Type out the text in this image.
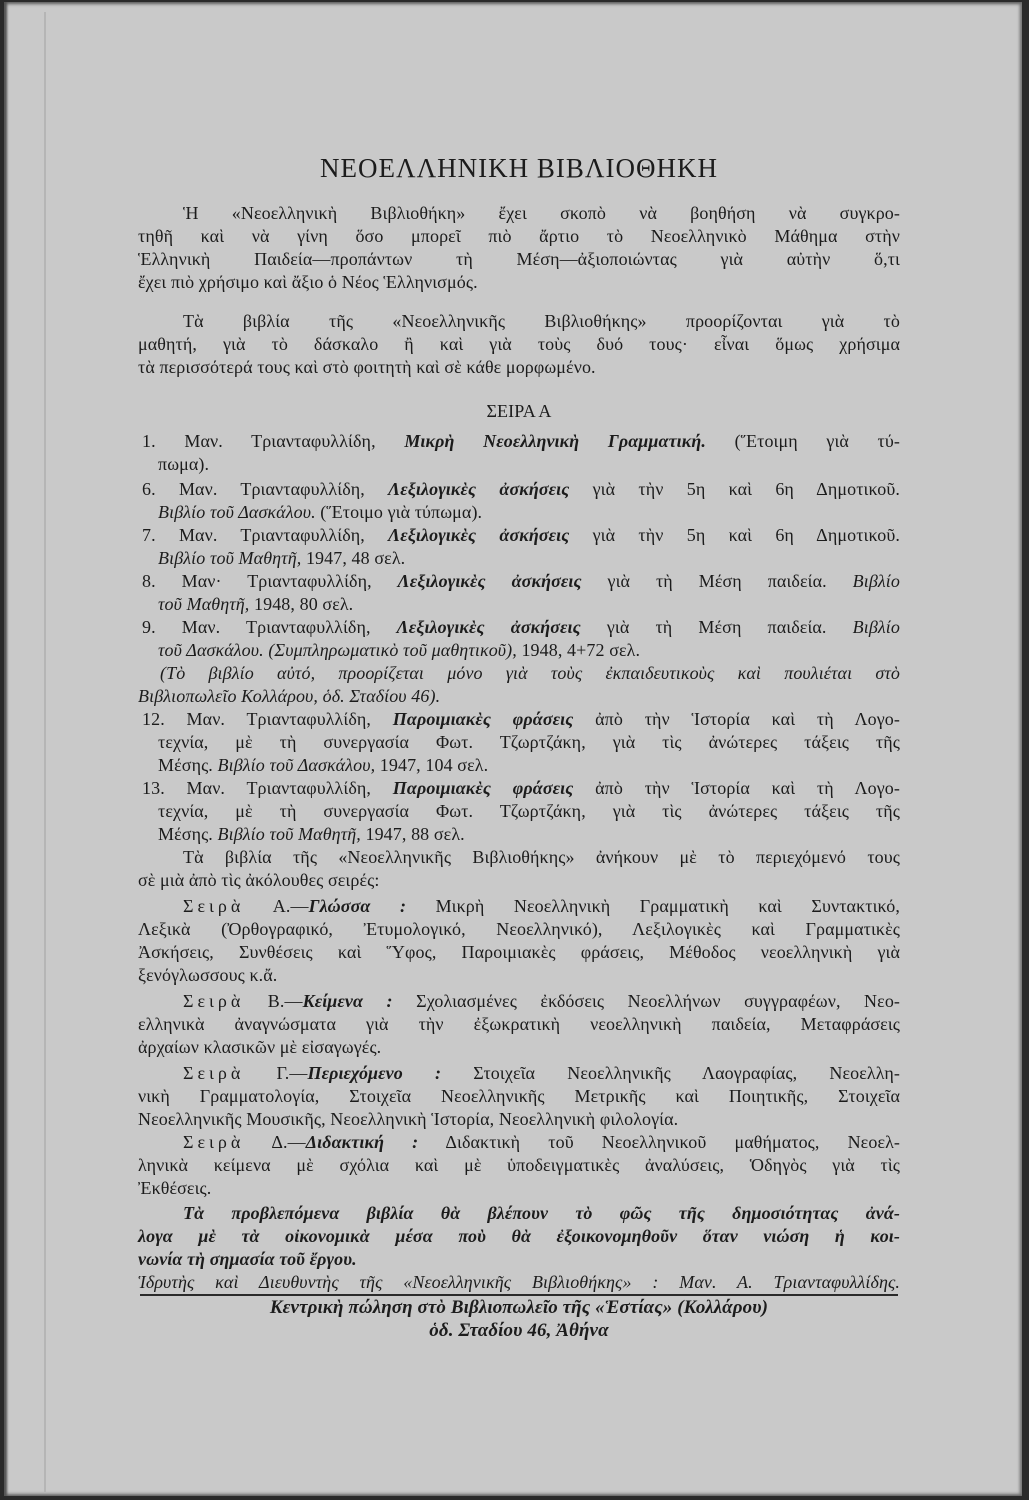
ΝΕΟΕΛΛΗΝΙΚΗ ΒΙΒΛΙΟΘΗΚΗ
Ἡ «Νεοελληνικὴ Βιβλιοθήκη» ἔχει σκοπὸ νὰ βοηθήση νὰ συγκρο-
τηθῆ καὶ νὰ γίνη ὅσο μπορεῖ πιὸ ἄρτιο τὸ Νεοελληνικὸ Μάθημα στὴν
Ἑλληνικὴ Παιδεία—προπάντων τὴ Μέση—ἀξιοποιώντας γιὰ αὐτὴν ὅ,τι
ἔχει πιὸ χρήσιμο καὶ ἄξιο ὁ Νέος Ἑλληνισμός.
Τὰ βιβλία τῆς «Νεοελληνικῆς Βιβλιοθήκης» προορίζονται γιὰ τὸ
μαθητή, γιὰ τὸ δάσκαλο ἢ καὶ γιὰ τοὺς δυό τους· εἶναι ὅμως χρήσιμα
τὰ περισσότερά τους καὶ στὸ φοιτητὴ καὶ σὲ κάθε μορφωμένο.
ΣΕΙΡΑ Α
1. Μαν. Τριανταφυλλίδη, Μικρὴ Νεοελληνικὴ Γραμματική. (Ἕτοιμη γιὰ τύ-
πωμα).
6. Μαν. Τριανταφυλλίδη, Λεξιλογικὲς ἀσκήσεις γιὰ τὴν 5η καὶ 6η Δημοτικοῦ.
Βιβλίο τοῦ Δασκάλου. (Ἕτοιμο γιὰ τύπωμα).
7. Μαν. Τριανταφυλλίδη, Λεξιλογικὲς ἀσκήσεις γιὰ τὴν 5η καὶ 6η Δημοτικοῦ.
Βιβλίο τοῦ Μαθητῆ, 1947, 48 σελ.
8. Μαν· Τριανταφυλλίδη, Λεξιλογικὲς ἀσκήσεις γιὰ τὴ Μέση παιδεία. Βιβλίο
τοῦ Μαθητῆ, 1948, 80 σελ.
9. Μαν. Τριανταφυλλίδη, Λεξιλογικὲς ἀσκήσεις γιὰ τὴ Μέση παιδεία. Βιβλίο
τοῦ Δασκάλου. (Συμπληρωματικὸ τοῦ μαθητικοῦ), 1948, 4+72 σελ.
(Τὸ βιβλίο αὐτό, προορίζεται μόνο γιὰ τοὺς ἐκπαιδευτικοὺς καὶ πουλιέται στὸ
Βιβλιοπωλεῖο Κολλάρου, ὁδ. Σταδίου 46).
12. Μαν. Τριανταφυλλίδη, Παροιμιακὲς φράσεις ἀπὸ τὴν Ἱστορία καὶ τὴ Λογο-
τεχνία, μὲ τὴ συνεργασία Φωτ. Τζωρτζάκη, γιὰ τὶς ἀνώτερες τάξεις τῆς
Μέσης. Βιβλίο τοῦ Δασκάλου, 1947, 104 σελ.
13. Μαν. Τριανταφυλλίδη, Παροιμιακὲς φράσεις ἀπὸ τὴν Ἱστορία καὶ τὴ Λογο-
τεχνία, μὲ τὴ συνεργασία Φωτ. Τζωρτζάκη, γιὰ τὶς ἀνώτερες τάξεις τῆς
Μέσης. Βιβλίο τοῦ Μαθητῆ, 1947, 88 σελ.
Τὰ βιβλία τῆς «Νεοελληνικῆς Βιβλιοθήκης» ἀνήκουν μὲ τὸ περιεχόμενό τους
σὲ μιὰ ἀπὸ τὶς ἀκόλουθες σειρές:
Σειρὰ Α.—Γλώσσα : Μικρὴ Νεοελληνικὴ Γραμματικὴ καὶ Συντακτικό,
Λεξικὰ (Ὀρθογραφικό, Ἐτυμολογικό, Νεοελληνικό), Λεξιλογικὲς καὶ Γραμματικὲς
Ἀσκήσεις, Συνθέσεις καὶ Ὕφος, Παροιμιακὲς φράσεις, Μέθοδος νεοελληνικὴ γιὰ
ξενόγλωσσους κ.ἄ.
Σειρὰ Β.—Κείμενα : Σχολιασμένες ἐκδόσεις Νεοελλήνων συγγραφέων, Νεο-
ελληνικὰ ἀναγνώσματα γιὰ τὴν ἐξωκρατικὴ νεοελληνικὴ παιδεία, Μεταφράσεις
ἀρχαίων κλασικῶν μὲ εἰσαγωγές.
Σειρὰ Γ.—Περιεχόμενο : Στοιχεῖα Νεοελληνικῆς Λαογραφίας, Νεοελλη-
νικὴ Γραμματολογία, Στοιχεῖα Νεοελληνικῆς Μετρικῆς καὶ Ποιητικῆς, Στοιχεῖα
Νεοελληνικῆς Μουσικῆς, Νεοελληνικὴ Ἱστορία, Νεοελληνικὴ φιλολογία.
Σειρὰ Δ.—Διδακτική : Διδακτικὴ τοῦ Νεοελληνικοῦ μαθήματος, Νεοελ-
ληνικὰ κείμενα μὲ σχόλια καὶ μὲ ὑποδειγματικὲς ἀναλύσεις, Ὁδηγὸς γιὰ τὶς
Ἐκθέσεις.
Τὰ προβλεπόμενα βιβλία θὰ βλέπουν τὸ φῶς τῆς δημοσιότητας ἀνά-
λογα μὲ τὰ οἰκονομικὰ μέσα ποὺ θὰ ἐξοικονομηθοῦν ὅταν νιώση ἡ κοι-
νωνία τὴ σημασία τοῦ ἔργου.
Ἱδρυτὴς καὶ Διευθυντὴς τῆς «Νεοελληνικῆς Βιβλιοθήκης» : Μαν. Α. Τριανταφυλλίδης.
Κεντρικὴ πώληση στὸ Βιβλιοπωλεῖο τῆς «Ἑστίας» (Κολλάρου)
ὁδ. Σταδίου 46, Ἀθήνα
